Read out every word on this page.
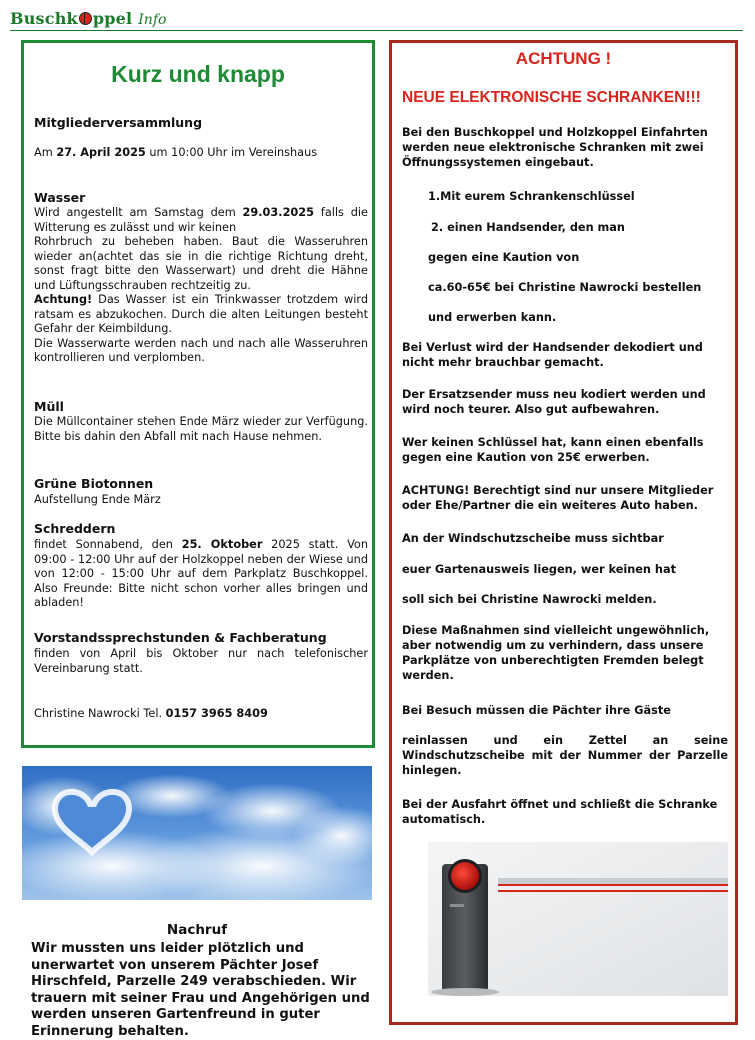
Buschk ppel Info
Kurz und knapp
Mitgliederversammlung
Am 27. April 2025 um 10:00 Uhr im Vereinshaus
Wasser
Wird angestellt am Samstag dem 29.03.2025 falls die Witterung es zulässt und wir keinen
Rohrbruch zu beheben haben. Baut die Wasseruhren wieder an(achtet das sie in die richtige Richtung dreht, sonst fragt bitte den Wasserwart) und dreht die Hähne und Lüftungsschrauben rechtzeitig zu.
Achtung! Das Wasser ist ein Trinkwasser trotzdem wird ratsam es abzukochen. Durch die alten Leitungen besteht Gefahr der Keimbildung.
Die Wasserwarte werden nach und nach alle Wasseruhren kontrollieren und verplomben.
Müll
Die Müllcontainer stehen Ende März wieder zur Verfügung. Bitte bis dahin den Abfall mit nach Hause nehmen.
Grüne Biotonnen
Aufstellung Ende März
Schreddern
findet Sonnabend, den 25. Oktober 2025 statt. Von 09:00 - 12:00 Uhr auf der Holzkoppel neben der Wiese und von 12:00 - 15:00 Uhr auf dem Parkplatz Buschkoppel. Also Freunde: Bitte nicht schon vorher alles bringen und abladen!
Vorstandssprechstunden & Fachberatung
finden von April bis Oktober nur nach telefonischer Vereinbarung statt.
Christine Nawrocki Tel. 0157 3965 8409
Nachruf
Wir mussten uns leider plötzlich und unerwartet von unserem Pächter Josef Hirschfeld, Parzelle 249 verabschieden. Wir trauern mit seiner Frau und Angehörigen und werden unseren Gartenfreund in guter Erinnerung behalten.
ACHTUNG !
NEUE ELEKTRONISCHE SCHRANKEN!!!
Bei den Buschkoppel und Holzkoppel Einfahrten werden neue elektronische Schranken mit zwei Öffnungssystemen eingebaut.
1.Mit eurem Schrankenschlüssel
2. einen Handsender, den man
gegen eine Kaution von
ca.60-65€ bei Christine Nawrocki bestellen
und erwerben kann.
Bei Verlust wird der Handsender dekodiert und nicht mehr brauchbar gemacht.
Der Ersatzsender muss neu kodiert werden und wird noch teurer. Also gut aufbewahren.
Wer keinen Schlüssel hat, kann einen ebenfalls gegen eine Kaution von 25€ erwerben.
ACHTUNG! Berechtigt sind nur unsere Mitglieder oder Ehe/Partner die ein weiteres Auto haben.
An der Windschutzscheibe muss sichtbar
euer Gartenausweis liegen, wer keinen hat
soll sich bei Christine Nawrocki melden.
Diese Maßnahmen sind vielleicht ungewöhnlich, aber notwendig um zu verhindern, dass unsere Parkplätze von unberechtigten Fremden belegt werden.
Bei Besuch müssen die Pächter ihre Gäste
reinlassen und ein Zettel an seine Windschutzscheibe mit der Nummer der Parzelle hinlegen.
Bei der Ausfahrt öffnet und schließt die Schranke automatisch.
